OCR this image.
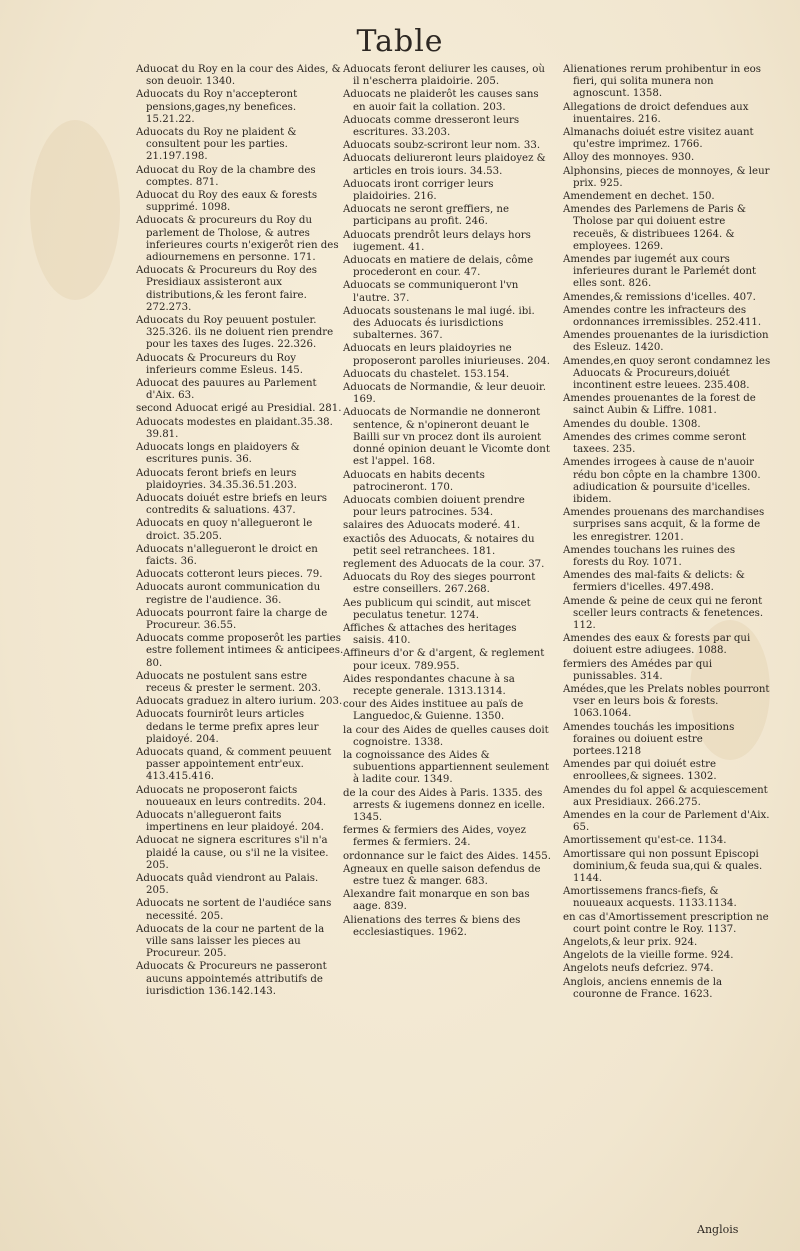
Table
Aduocat du Roy en la cour des Aides, & son deuoir. 1340.
Aduocats du Roy n'accepteront pensions,gages,ny benefices. 15.21.22.
Aduocats du Roy ne plaident & consultent pour les parties. 21.197.198.
Aduocat du Roy de la chambre des comptes. 871.
Aduocat du Roy des eaux & forests supprimé. 1098.
Aduocats & procureurs du Roy du parlement de Tholose, & autres inferieures courts n'exigerôt rien des adiournemens en personne. 171.
Aduocats & Procureurs du Roy des Presidiaux assisteront aux distributions,& les feront faire. 272.273.
Aduocats du Roy peuuent postuler. 325.326. ils ne doiuent rien prendre pour les taxes des Iuges. 22.326.
Aduocats & Procureurs du Roy inferieurs comme Esleus. 145.
Aduocat des pauures au Parlement d'Aix. 63.
second Aduocat erigé au Presidial. 281.
Aduocats modestes en plaidant.35.38. 39.81.
Aduocats longs en plaidoyers & escritures punis. 36.
Aduocats feront briefs en leurs plaidoyries. 34.35.36.51.203.
Aduocats doiuét estre briefs en leurs contredits & saluations. 437.
Aduocats en quoy n'allegueront le droict. 35.205.
Aduocats n'allegueront le droict en faicts. 36.
Aduocats cotteront leurs pieces. 79.
Aduocats auront communication du registre de l'audience. 36.
Aduocats pourront faire la charge de Procureur. 36.55.
Aduocats comme proposerôt les parties estre follement intimees & anticipees. 80.
Aduocats ne postulent sans estre receus & prester le serment. 203.
Aduocats graduez in altero iurium. 203.
Aduocats fournirôt leurs articles dedans le terme prefix apres leur plaidoyé. 204.
Aduocats quand, & comment peuuent passer appointement entr'eux. 413.415.416.
Aduocats ne proposeront faicts nouueaux en leurs contredits. 204.
Aduocats n'allegueront faits impertinens en leur plaidoyé. 204.
Aduocat ne signera escritures s'il n'a plaidé la cause, ou s'il ne la visitee. 205.
Aduocats quâd viendront au Palais. 205.
Aduocats ne sortent de l'audiéce sans necessité. 205.
Aduocats de la cour ne partent de la ville sans laisser les pieces au Procureur. 205.
Aduocats & Procureurs ne passeront aucuns appointemés attributifs de iurisdiction 136.142.143.
Aduocats feront deliurer les causes, où il n'escherra plaidoirie. 205.
Aduocats ne plaiderôt les causes sans en auoir fait la collation. 203.
Aduocats comme dresseront leurs escritures. 33.203.
Aduocats soubz-scriront leur nom. 33.
Aduocats deliureront leurs plaidoyez & articles en trois iours. 34.53.
Aduocats iront corriger leurs plaidoiries. 216.
Aduocats ne seront greffiers, ne participans au profit. 246.
Aduocats prendrôt leurs delays hors iugement. 41.
Aduocats en matiere de delais, côme procederont en cour. 47.
Aduocats se communiqueront l'vn l'autre. 37.
Aduocats soustenans le mal iugé. ibi. des Aduocats és iurisdictions subalternes. 367.
Aduocats en leurs plaidoyries ne proposeront parolles iniurieuses. 204.
Aduocats du chastelet. 153.154.
Aduocats de Normandie, & leur deuoir. 169.
Aduocats de Normandie ne donneront sentence, & n'opineront deuant le Bailli sur vn procez dont ils auroient donné opinion deuant le Vicomte dont est l'appel. 168.
Aduocats en habits decents patrocineront. 170.
Aduocats combien doiuent prendre pour leurs patrocines. 534.
salaires des Aduocats moderé. 41.
exactiôs des Aduocats, & notaires du petit seel retranchees. 181.
reglement des Aduocats de la cour. 37.
Aduocats du Roy des sieges pourront estre conseillers. 267.268.
Aes publicum qui scindit, aut miscet peculatus tenetur. 1274.
Affiches & attaches des heritages saisis. 410.
Affineurs d'or & d'argent, & reglement pour iceux. 789.955.
Aides respondantes chacune à sa recepte generale. 1313.1314.
cour des Aides instituee au païs de Languedoc,& Guienne. 1350.
la cour des Aides de quelles causes doit cognoistre. 1338.
la cognoissance des Aides & subuentions appartiennent seulement à ladite cour. 1349.
de la cour des Aides à Paris. 1335. des arrests & iugemens donnez en icelle. 1345.
fermes & fermiers des Aides, voyez fermes & fermiers. 24.
ordonnance sur le faict des Aides. 1455.
Agneaux en quelle saison defendus de estre tuez & manger. 683.
Alexandre fait monarque en son bas aage. 839.
Alienations des terres & biens des ecclesiastiques. 1962.
Alienationes rerum prohibentur in eos fieri, qui solita munera non agnoscunt. 1358.
Allegations de droict defendues aux inuentaires. 216.
Almanachs doiuét estre visitez auant qu'estre imprimez. 1766.
Alloy des monnoyes. 930.
Alphonsins, pieces de monnoyes, & leur prix. 925.
Amendement en dechet. 150.
Amendes des Parlemens de Paris & Tholose par qui doiuent estre receuës, & distribuees 1264. & employees. 1269.
Amendes par iugemét aux cours inferieures durant le Parlemét dont elles sont. 826.
Amendes,& remissions d'icelles. 407.
Amendes contre les infracteurs des ordonnances irremissibles. 252.411.
Amendes prouenantes de la iurisdiction des Esleuz. 1420.
Amendes,en quoy seront condamnez les Aduocats & Procureurs,doiuét incontinent estre leuees. 235.408.
Amendes prouenantes de la forest de sainct Aubin & Liffre. 1081.
Amendes du double. 1308.
Amendes des crimes comme seront taxees. 235.
Amendes irrogees à cause de n'auoir rédu bon côpte en la chambre 1300. adiudication & poursuite d'icelles. ibidem.
Amendes prouenans des marchandises surprises sans acquit, & la forme de les enregistrer. 1201.
Amendes touchans les ruines des forests du Roy. 1071.
Amendes des mal-faits & delicts: & fermiers d'icelles. 497.498.
Amende & peine de ceux qui ne feront sceller leurs contracts & fenetences. 112.
Amendes des eaux & forests par qui doiuent estre adiugees. 1088.
fermiers des Amédes par qui punissables. 314.
Amédes,que les Prelats nobles pourront vser en leurs bois & forests. 1063.1064.
Amendes touchás les impositions foraines ou doiuent estre portees.1218
Amendes par qui doiuét estre enroollees,& signees. 1302.
Amendes du fol appel & acquiescement aux Presidiaux. 266.275.
Amendes en la cour de Parlement d'Aix. 65.
Amortissement qu'est-ce. 1134.
Amortissare qui non possunt Episcopi dominium,& feuda sua,qui & quales. 1144.
Amortissemens francs-fiefs, & nouueaux acquests. 1133.1134.
en cas d'Amortissement prescription ne court point contre le Roy. 1137.
Angelots,& leur prix. 924.
Angelots de la vieille forme. 924.
Angelots neufs defcriez. 974.
Anglois, anciens ennemis de la couronne de France. 1623.
Anglois
